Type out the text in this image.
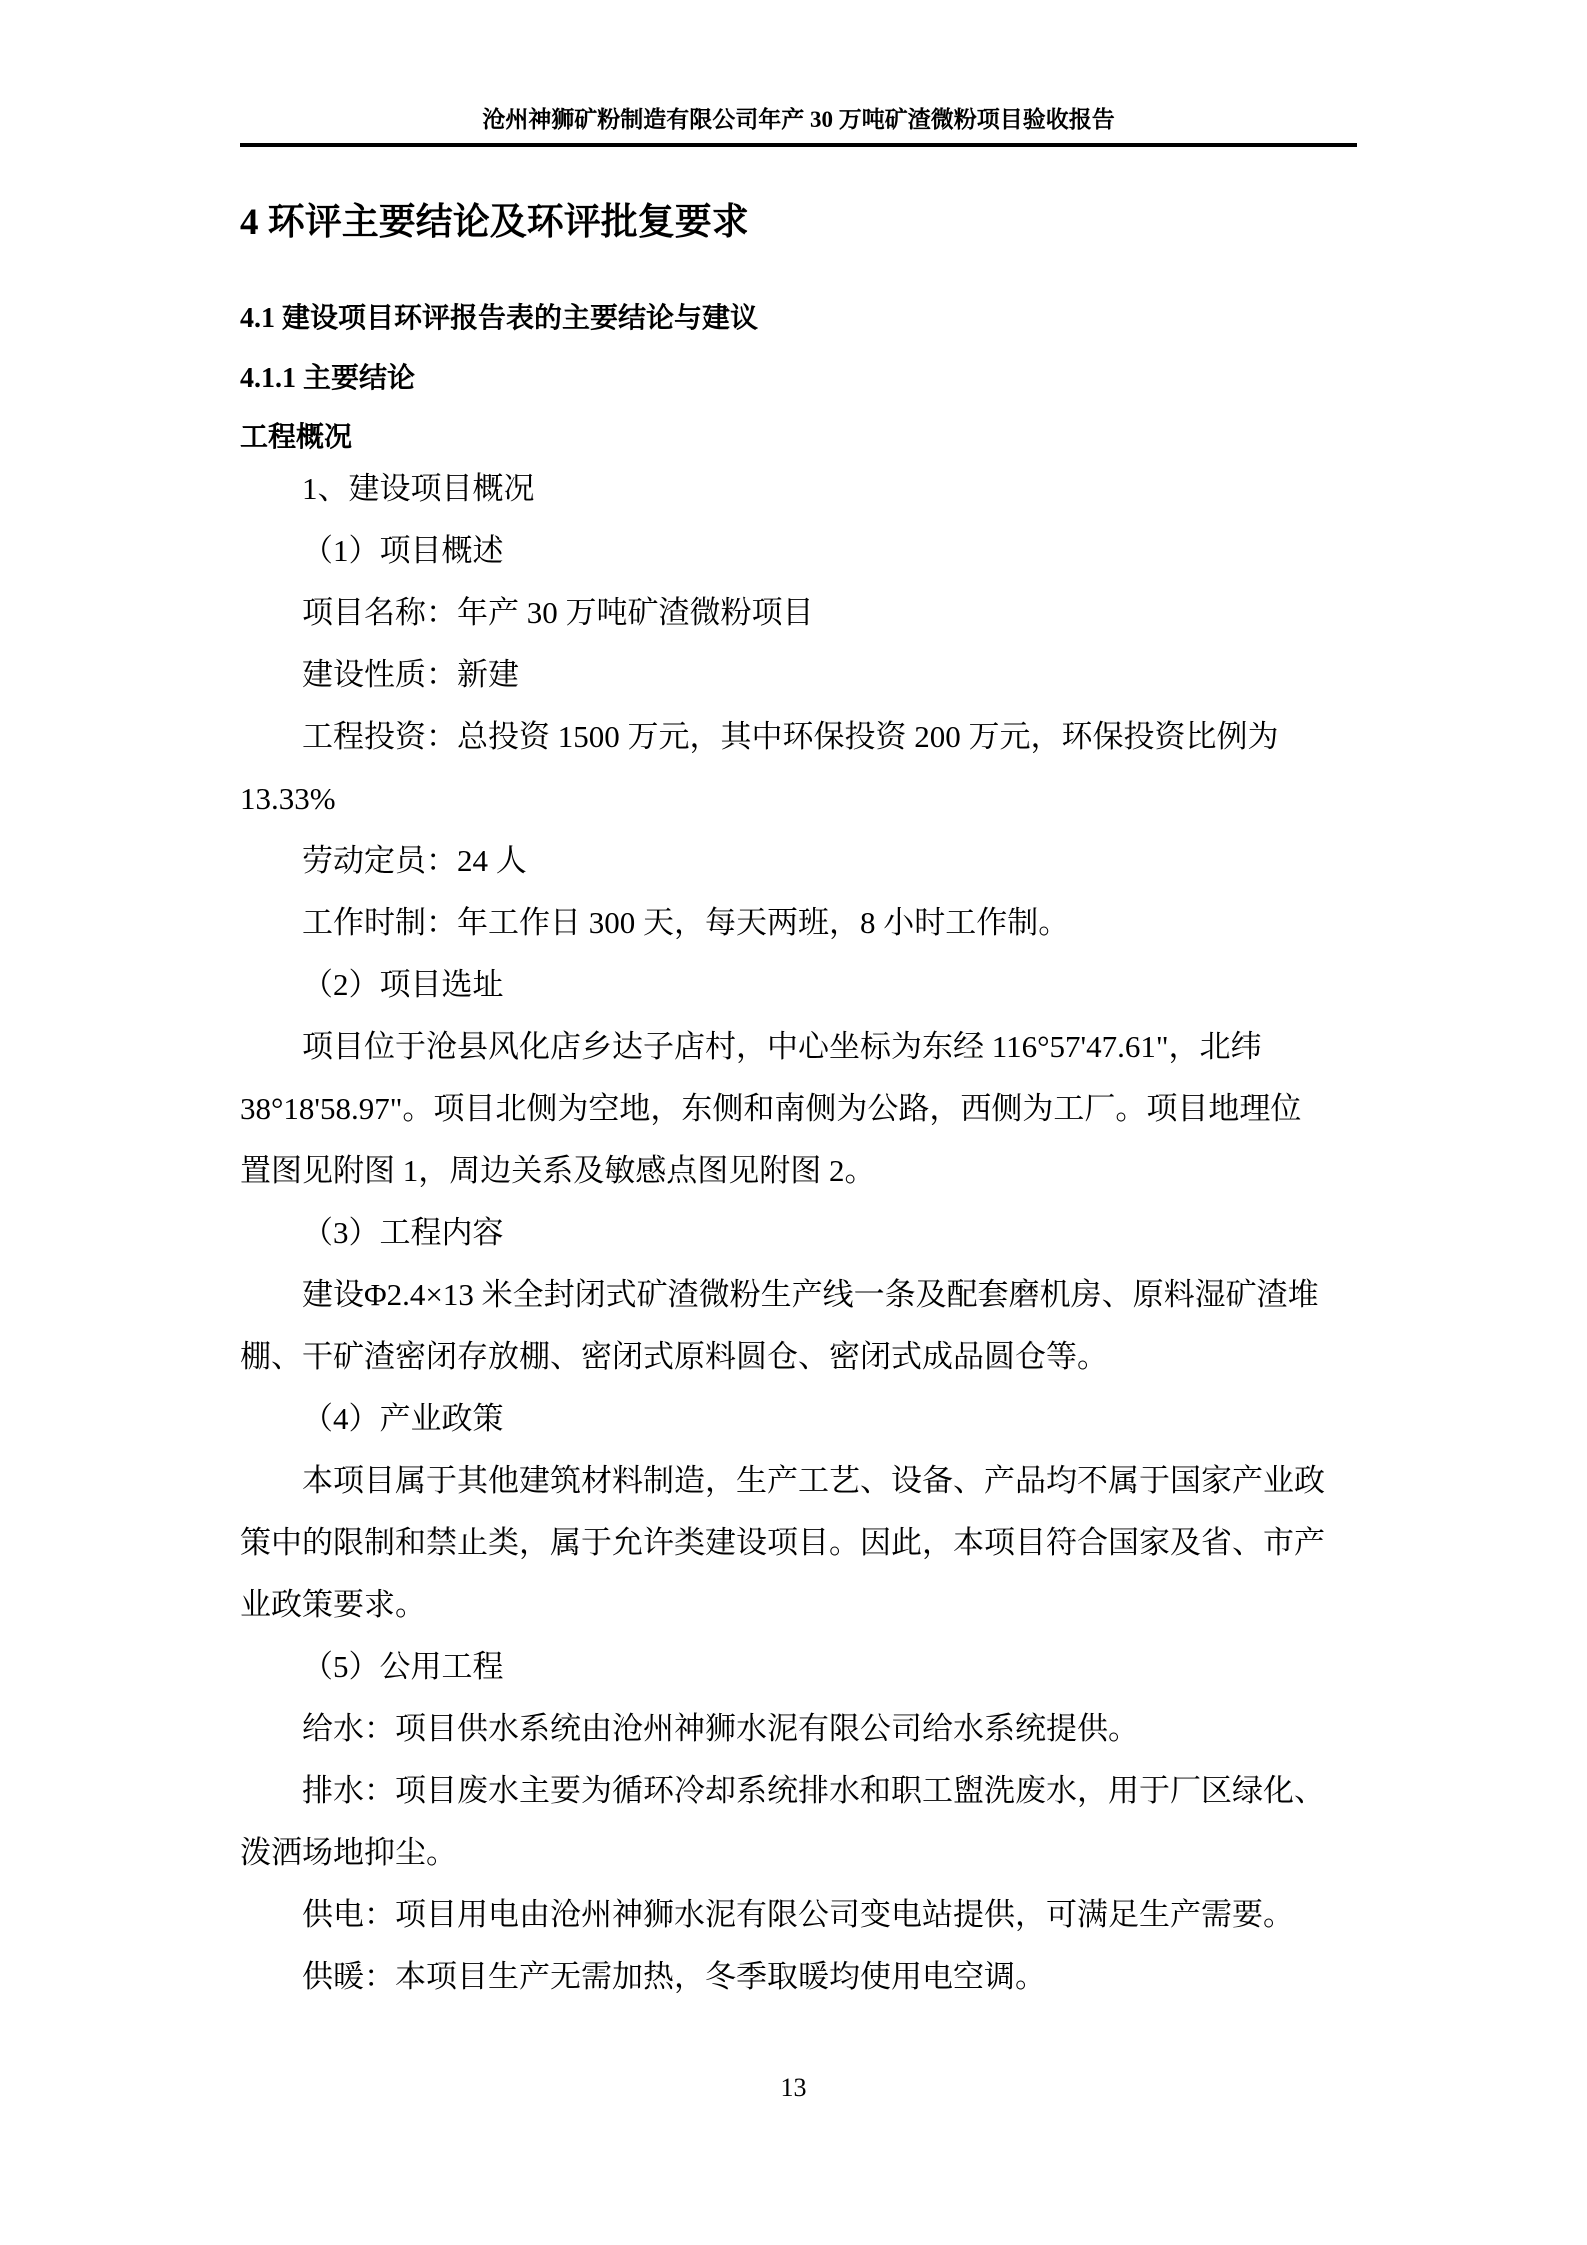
沧州神狮矿粉制造有限公司年产 30 万吨矿渣微粉项目验收报告
4 环评主要结论及环评批复要求
4.1 建设项目环评报告表的主要结论与建议
4.1.1 主要结论
工程概况
1、建设项目概况
（1）项目概述
项目名称：年产 30 万吨矿渣微粉项目
建设性质：新建
工程投资：总投资 1500 万元，其中环保投资 200 万元，环保投资比例为
13.33%
劳动定员：24 人
工作时制：年工作日 300 天，每天两班，8 小时工作制。
（2）项目选址
项目位于沧县风化店乡达子店村，中心坐标为东经 116°57'47.61"，北纬
38°18'58.97"。项目北侧为空地，东侧和南侧为公路，西侧为工厂。项目地理位
置图见附图 1，周边关系及敏感点图见附图 2。
（3）工程内容
建设Φ2.4×13 米全封闭式矿渣微粉生产线一条及配套磨机房、原料湿矿渣堆
棚、干矿渣密闭存放棚、密闭式原料圆仓、密闭式成品圆仓等。
（4）产业政策
本项目属于其他建筑材料制造，生产工艺、设备、产品均不属于国家产业政
策中的限制和禁止类，属于允许类建设项目。因此，本项目符合国家及省、市产
业政策要求。
（5）公用工程
给水：项目供水系统由沧州神狮水泥有限公司给水系统提供。
排水：项目废水主要为循环冷却系统排水和职工盥洗废水，用于厂区绿化、
泼洒场地抑尘。
供电：项目用电由沧州神狮水泥有限公司变电站提供，可满足生产需要。
供暖：本项目生产无需加热，冬季取暖均使用电空调。
13
